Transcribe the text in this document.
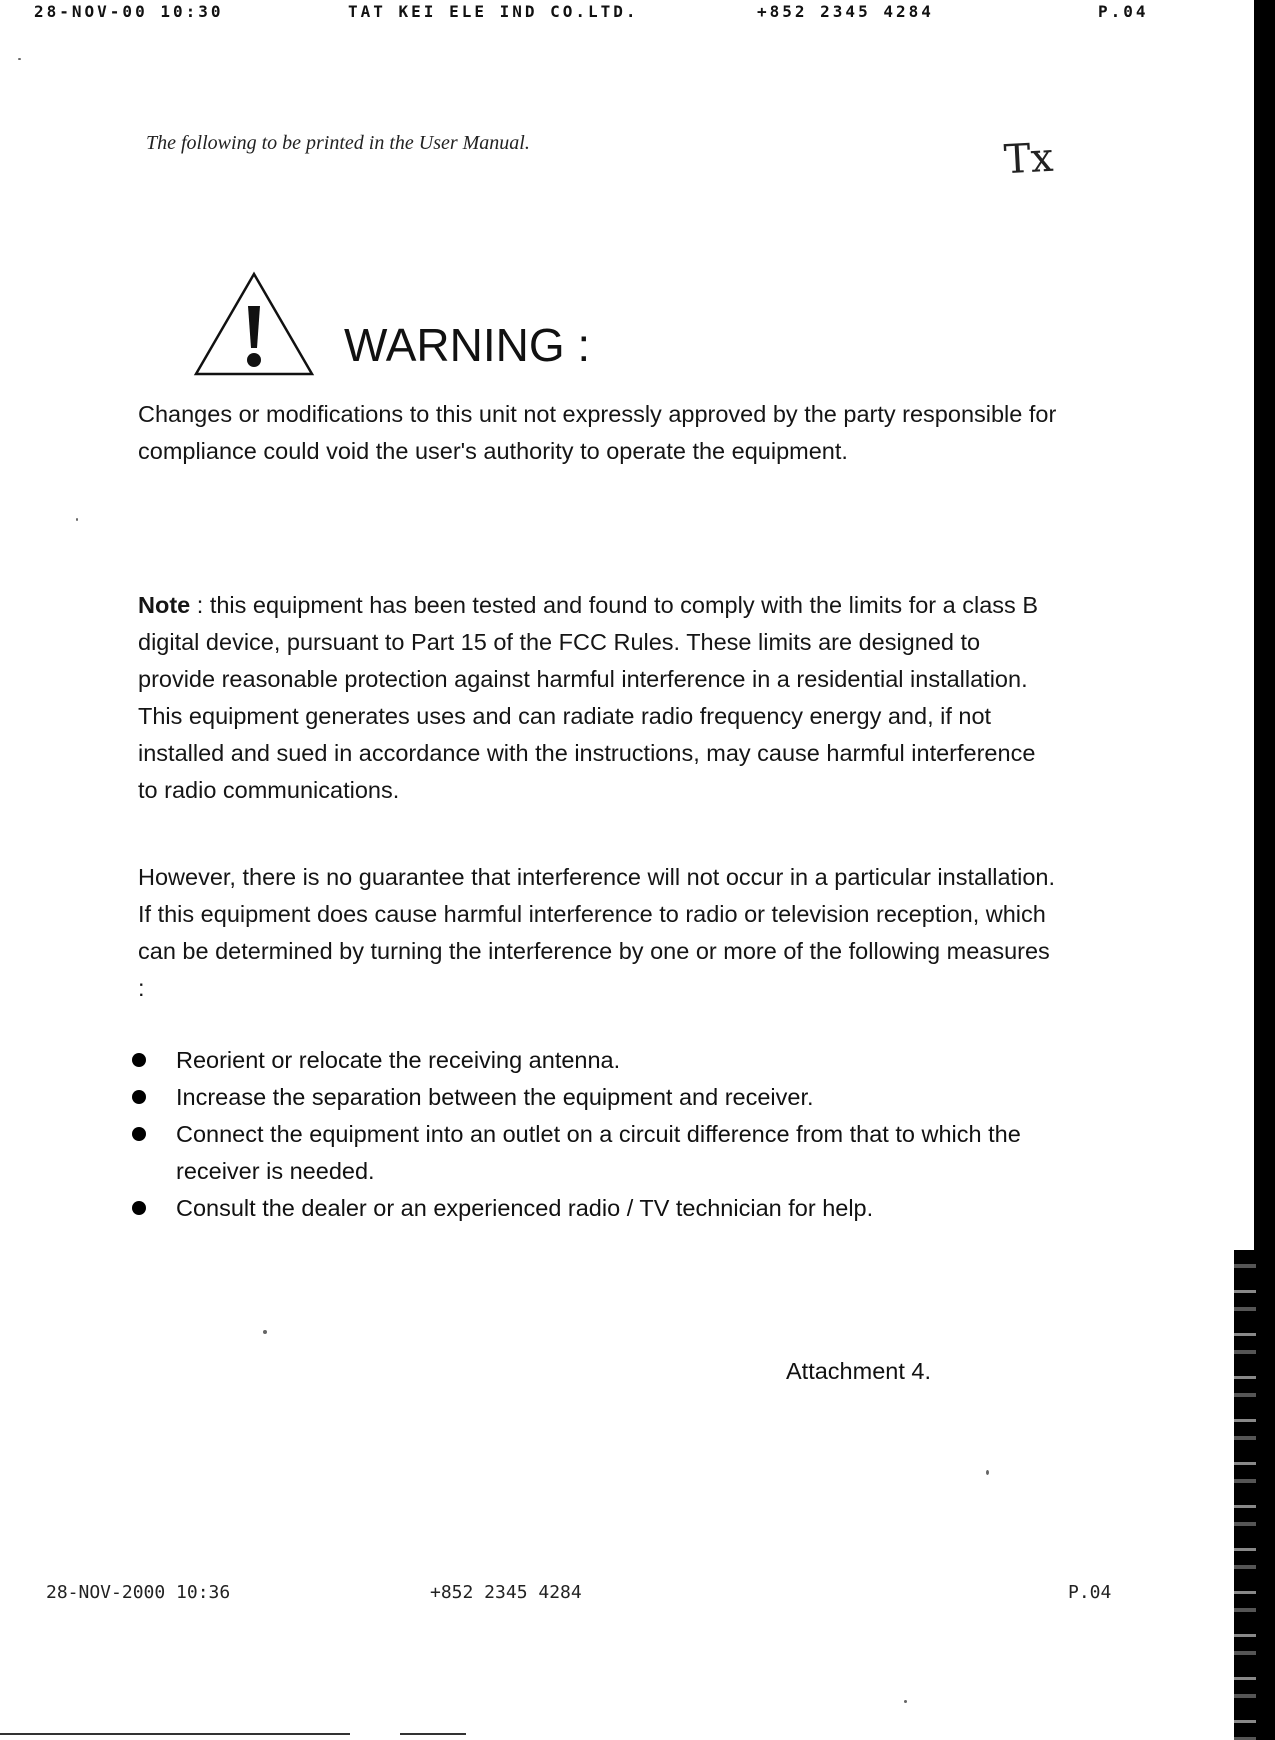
28-NOV-00 10:30	TAT KEI ELE IND CO.LTD.	+852 2345 4284	P.04
The following to be printed in the User Manual.	Tx
WARNING :
Changes or modifications to this unit not expressly approved by the party responsible for compliance could void the user's authority to operate the equipment.
Note : this equipment has been tested and found to comply with the limits for a class B digital device, pursuant to Part 15 of the FCC Rules. These limits are designed to provide reasonable protection against harmful interference in a residential installation. This equipment generates uses and can radiate radio frequency energy and, if not installed and sued in accordance with the instructions, may cause harmful interference to radio communications.
However, there is no guarantee that interference will not occur in a particular installation. If this equipment does cause harmful interference to radio or television reception, which can be determined by turning the interference by one or more of the following measures :
Reorient or relocate the receiving antenna.
Increase the separation between the equipment and receiver.
Connect the equipment into an outlet on a circuit difference from that to which the receiver is needed.
Consult the dealer or an experienced radio / TV technician for help.
Attachment 4.
28-NOV-2000 10:36	+852 2345 4284	P.04
